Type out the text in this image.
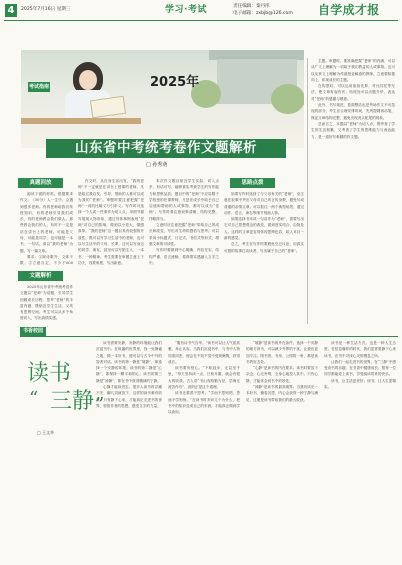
4	2025年7月16日 星期三	学习·考试	责任编辑：秦丹彤
电子邮箱：zxbjb@126.com 自学成才报
考试指南	2025年
山东省中考统考卷作文题解析
□ 孙秀萌

主题。审题时，要准确把握“老师”的内涵，可以从广义上理解为一切给予我们教益的人或事物；也可以从狭义上理解为传道授业解惑的教师。立意要积极向上，体现成长的主题。

在构思时，可以运用欲扬先抑、对比衬托等写法，使文章有起有伏；结尾处可以点题升华，表达对“老师”的感激与敬意。

此外，书写规范、卷面整洁也是考场作文不可忽视的部分。考生应合理安排时间，先列提纲再动笔，保证文章结构完整，避免出现虎头蛇尾的现象。

总而言之，本题以“老师”为切入点，既考查了学生的生活积累，又考查了学生的思维能力与表达能力，是一道好写难精的作文题。

真题回放

阅读下面的材料，根据要求作文。（50分）人一生中，会遇到很多老师。有的老师给我们传授知识，有的老师引导我们成长，有的老师教会我们做人。那些教会我们的人，有时不一定是站在讲台上的老师。可能是父母，可能是同学，也可能是一本书、一句话。请以“我的老师”为题，写一篇文章。

要求：①除诗歌外，文体不限；②立意自定，不少于600

文题解析

2025年山东省中考统考卷作文题以“老师”为话题，引导学生回顾成长历程，思考“老师”的丰富内涵，既贴近学生生活，又具有思辨空间。考生可以从多个角度切入，写出真情实感。

作文时，从自身生活出发，“我的老师”不一定就是在讲台上授课的老师，凡是给过我启发、引导、帮助的人都可以成为我的“老师”。审题时要注意把握“老师”一词的比喻义与引申义。写作时可选择一个人或一件事作为切入点，用细节描写展现人物形象，通过具体事例表现“老师”对自己的影响，做到以小见大，情感真挚。“我的老师”这一题目具有较强的开放性，既可以写学习生活中的老师，也可以写生活中的父母、长辈，还可以写身边的同学、朋友，甚至可以写陌生人、一本书、一种精神。考生需要在审题立意上下功夫，找准角度，写出新意。

本次作文题目贴近学生实际，切入点多，有话可写，能够真实考查学生的写作能力和思维品质。题目中的“老师”不应局限于学校里的任课教师，凡是在成长中给予自己启迪和帮助的人或事物，都可以成为“老师”。写作时要注意叙事清晰，结构完整，详略得当。

立意时应注意挖掘“老师”带给自己的成长和改变，写出对生命的感悟与思考。可以采用小标题式、日记式、书信式等形式，增强文章的可读性。

写作时要做到中心明确、内容充实、结构严谨、语言流畅，将真情实感融入文字之中。

思路点拨

如果写作时选择了与父母有关的“老师”，应注意在叙事中突出父母对自己的言传身教，避免写成普通的亲情文章。可以抓住一两个典型场景，通过动作、语言、神态等细节刻画人物。

如果选择书本或一句话作为“老师”，需要写出它对自己思想观念的改变，做到虚实结合、由物及人。这样的文章更容易体现思辨色彩，给人耳目一新的感觉。

总之，考生在写作时要避免空泛议论，用真实可感的故事打动读者，写出属于自己的“老师”。

书香校园
读书
“ 三静 ”
□ 王文华

读书需要安静，安静的环境能让我们沉浸书中。在喧嚣的世界里，找一处静谧之地，捧一本好书，便可以与古今中外的智者对话。读书的第一静是“境静”，即选择一个安静的环境；读书的第二静是“心静”，即保持一颗平和的心；读书的第三静是“神静”，即在书中获得精神的宁静。

心静才能读进去。很多人读书时浮躁不安，翻几页就放下，这样的读书难有收获。只有静下心来，才能真正走进书的世界，领悟作者的思想，感受文字的力量。

“腹有诗书气自华。”读书可以让人气质高雅，举止从容。当我们沉浸书中，与书中人物同喜同悲，便会在不知不觉中受到熏陶，获得成长。

读书要有恒心。“不积跬步，无以至千里。”每天坚持读一点，日积月累，就会有很大的收获。古人讲“书山有路勤为径，学海无涯苦作舟”，说的正是这个道理。

读书还要善于思考。“学而不思则罔，思而不学则殆。”在读书时多问几个为什么，把书中的知识变成自己的东西，才能真正做到学以致用。

“境静”是读书的外在条件。选择一个安静的地方读书，可以减少外界的干扰，让我们更加专注。图书馆、书房、公园的一角，都是读书的好去处。

“心静”是读书的内在要求。读书时要放下杂念，心无旁骛，全身心地投入其中。只有心静，才能体会到书中的妙处。

“神静”是读书的最高境界。当我们读完一本好书，掩卷沉思，内心会获得一种宁静与满足，这便是读书带给我们的最大收获。

读书是一种生活方式，也是一种人生态度。在信息爆炸的时代，我们更需要静下心来读书，在书中寻找心灵的栖息之所。

让我们一起走进书的世界，在“三静”中感受读书的乐趣，在书香中健康成长。愿每一位同学都能爱上读书，享受阅读带来的快乐。

读书，让生活更美好；读书，让人生更精彩。
